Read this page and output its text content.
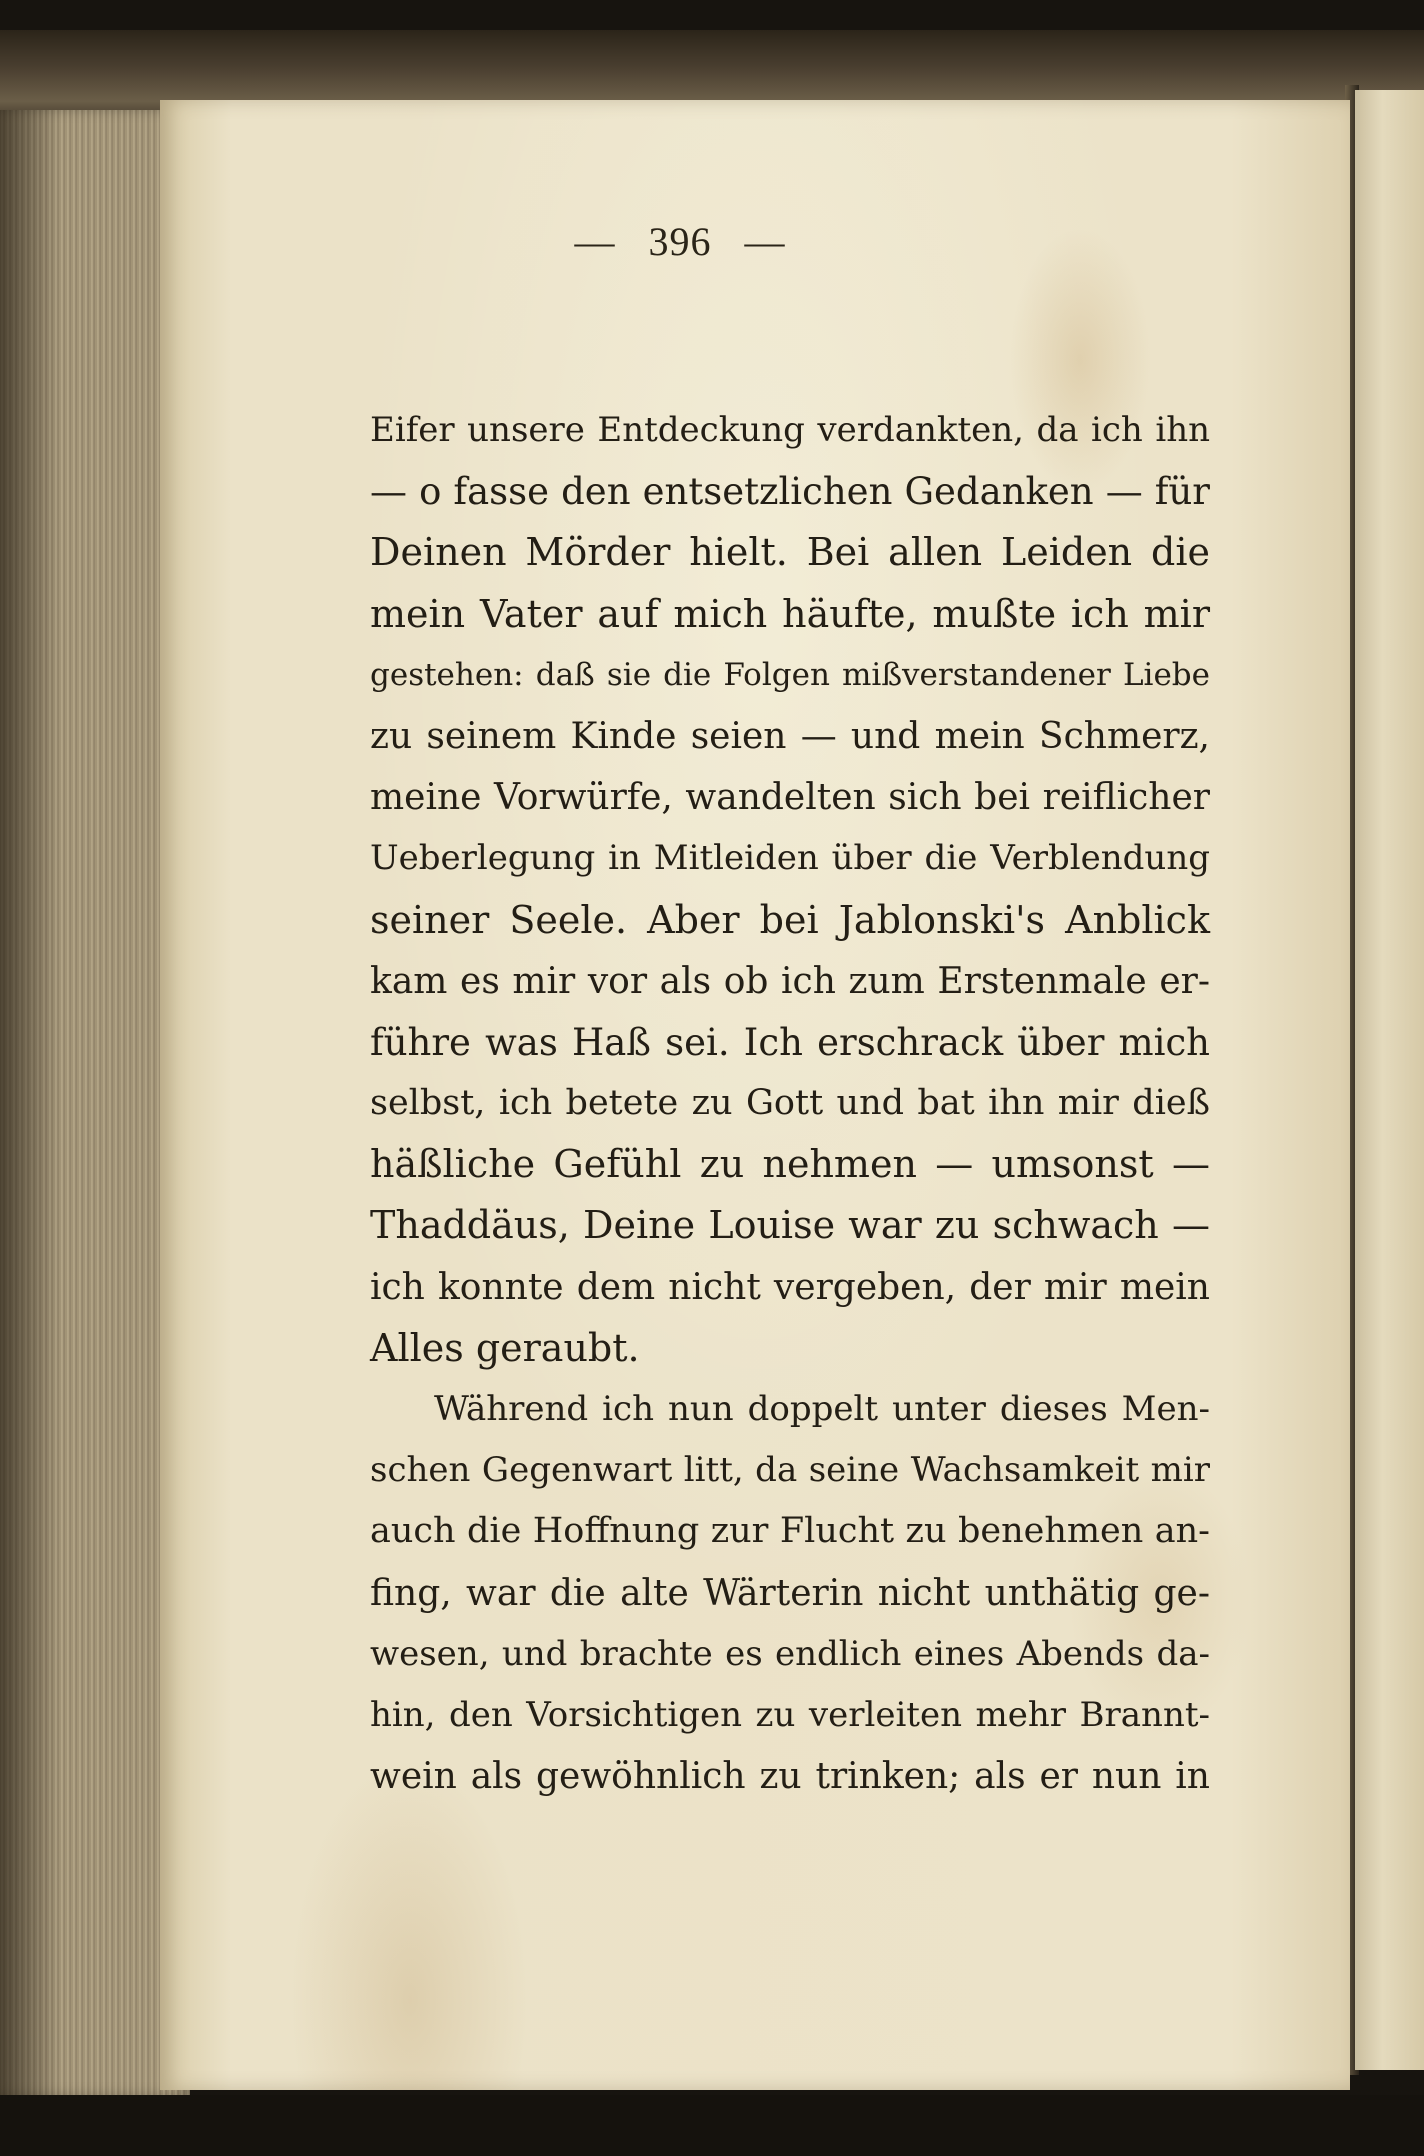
— 396 —
Eifer unsere Entdeckung verdankten, da ich ihn
— o fasse den entsetzlichen Gedanken — für
Deinen Mörder hielt. Bei allen Leiden die
mein Vater auf mich häufte, mußte ich mir
gestehen: daß sie die Folgen mißverstandener Liebe
zu seinem Kinde seien — und mein Schmerz,
meine Vorwürfe, wandelten sich bei reiflicher
Ueberlegung in Mitleiden über die Verblendung
seiner Seele. Aber bei Jablonski's Anblick
kam es mir vor als ob ich zum Erstenmale er-
führe was Haß sei. Ich erschrack über mich
selbst, ich betete zu Gott und bat ihn mir dieß
häßliche Gefühl zu nehmen — umsonst —
Thaddäus, Deine Louise war zu schwach —
ich konnte dem nicht vergeben, der mir mein
Alles geraubt.
Während ich nun doppelt unter dieses Men-
schen Gegenwart litt, da seine Wachsamkeit mir
auch die Hoffnung zur Flucht zu benehmen an-
fing, war die alte Wärterin nicht unthätig ge-
wesen, und brachte es endlich eines Abends da-
hin, den Vorsichtigen zu verleiten mehr Brannt-
wein als gewöhnlich zu trinken; als er nun in
